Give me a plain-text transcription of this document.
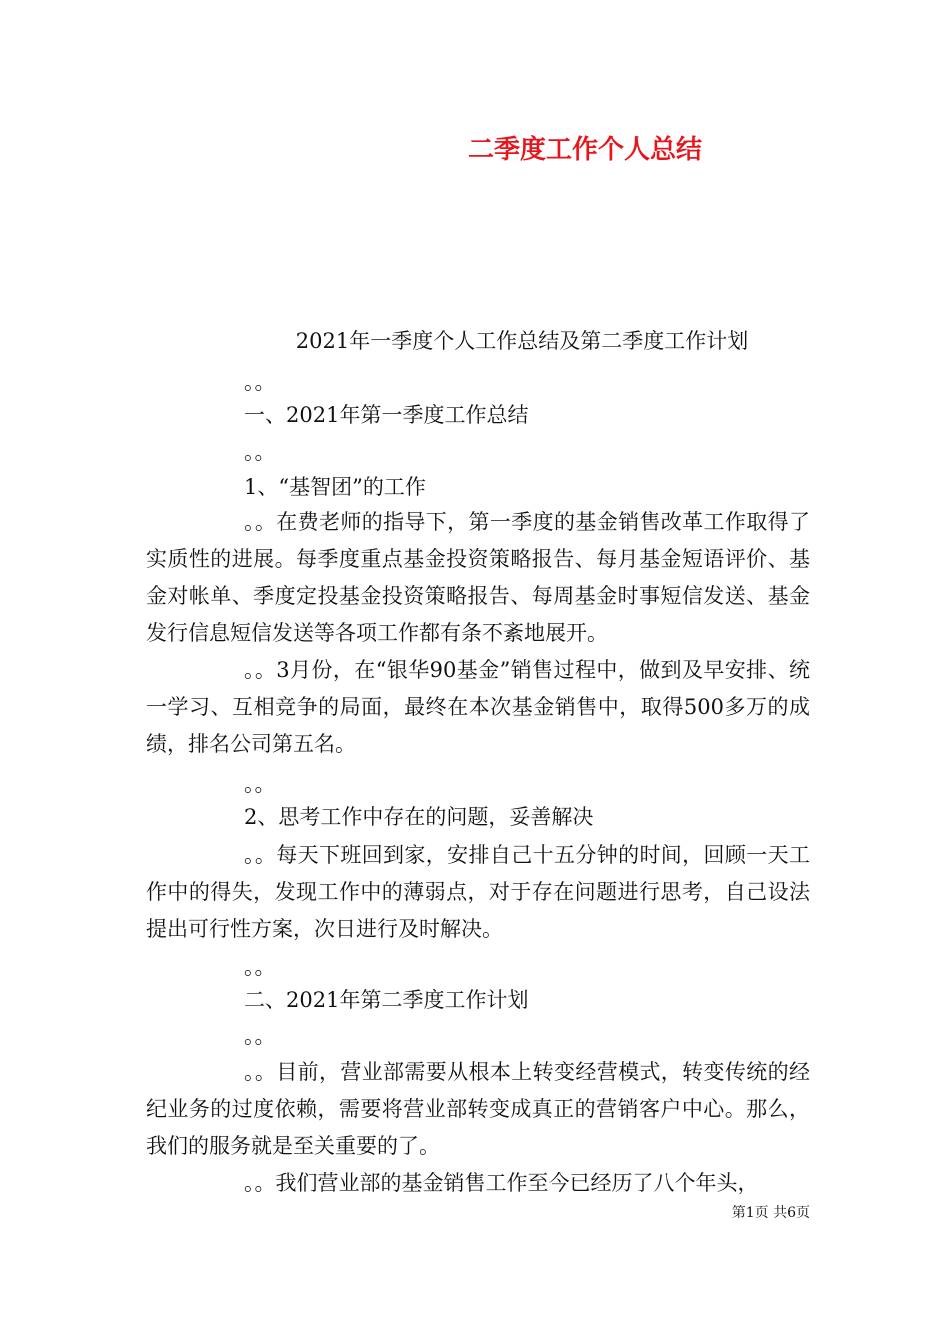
二季度工作个人总结
2021年一季度个人工作总结及第二季度工作计划
。。
一、2021年第一季度工作总结
。。
1、“基智团”的工作
。。在费老师的指导下，第一季度的基金销售改革工作取得了实质性的进展。每季度重点基金投资策略报告、每月基金短语评价、基金对帐单、季度定投基金投资策略报告、每周基金时事短信发送、基金发行信息短信发送等各项工作都有条不紊地展开。
。。3月份，在“银华90基金”销售过程中，做到及早安排、统一学习、互相竞争的局面，最终在本次基金销售中，取得500多万的成绩，排名公司第五名。
。。
2、思考工作中存在的问题，妥善解决
。。每天下班回到家，安排自己十五分钟的时间，回顾一天工作中的得失，发现工作中的薄弱点，对于存在问题进行思考，自己设法提出可行性方案，次日进行及时解决。
。。
二、2021年第二季度工作计划
。。
。。目前，营业部需要从根本上转变经营模式，转变传统的经纪业务的过度依赖，需要将营业部转变成真正的营销客户中心。那么，我们的服务就是至关重要的了。
。。我们营业部的基金销售工作至今已经历了八个年头，
第1页 共6页
